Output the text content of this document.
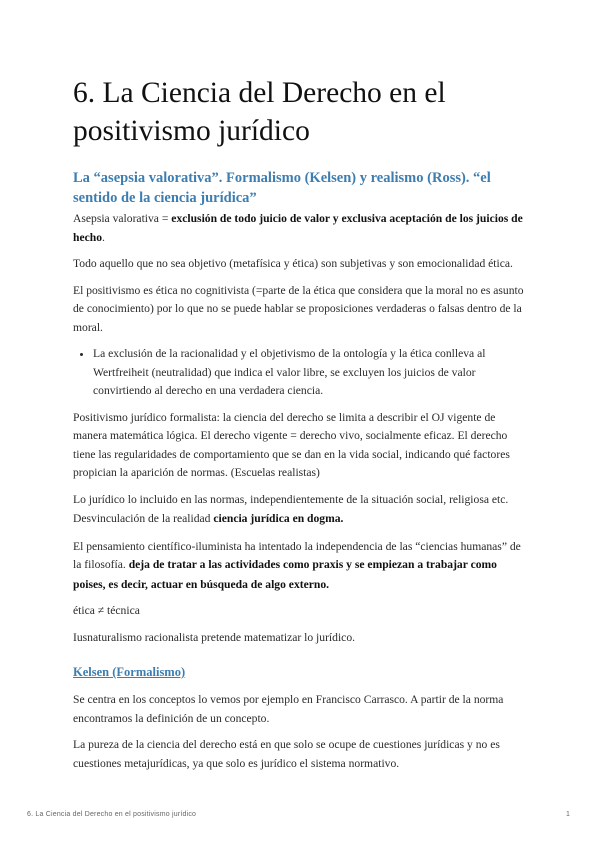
6. La Ciencia del Derecho en el positivismo jurídico
La “asepsia valorativa”. Formalismo (Kelsen) y realismo (Ross). “el sentido de la ciencia jurídica”

Asepsia valorativa = exclusión de todo juicio de valor y exclusiva aceptación de los juicios de hecho.

Todo aquello que no sea objetivo (metafísica y ética) son subjetivas y son emocionalidad ética.

El positivismo es ética no cognitivista (=parte de la ética que considera que la moral no es asunto de conocimiento) por lo que no se puede hablar se proposiciones verdaderas o falsas dentro de la moral.

• La exclusión de la racionalidad y el objetivismo de la ontología y la ética conlleva al Wertfreiheit (neutralidad) que indica el valor libre, se excluyen los juicios de valor convirtiendo al derecho en una verdadera ciencia.

Positivismo jurídico formalista: la ciencia del derecho se limita a describir el OJ vigente de manera matemática lógica. El derecho vigente = derecho vivo, socialmente eficaz. El derecho tiene las regularidades de comportamiento que se dan en la vida social, indicando qué factores propician la aparición de normas. (Escuelas realistas)

Lo jurídico lo incluido en las normas, independientemente de la situación social, religiosa etc. Desvinculación de la realidad ciencia jurídica en dogma.

El pensamiento científico-iluminista ha intentado la independencia de las “ciencias humanas” de la filosofía. deja de tratar a las actividades como praxis y se empiezan a trabajar como poises, es decir, actuar en búsqueda de algo externo.

ética ≠ técnica

Iusnaturalismo racionalista pretende matematizar lo jurídico.

Kelsen (Formalismo)

Se centra en los conceptos lo vemos por ejemplo en Francisco Carrasco. A partir de la norma encontramos la definición de un concepto.

La pureza de la ciencia del derecho está en que solo se ocupe de cuestiones jurídicas y no es cuestiones metajurídicas, ya que solo es jurídico el sistema normativo.

6. La Ciencia del Derecho en el positivismo jurídico	1
